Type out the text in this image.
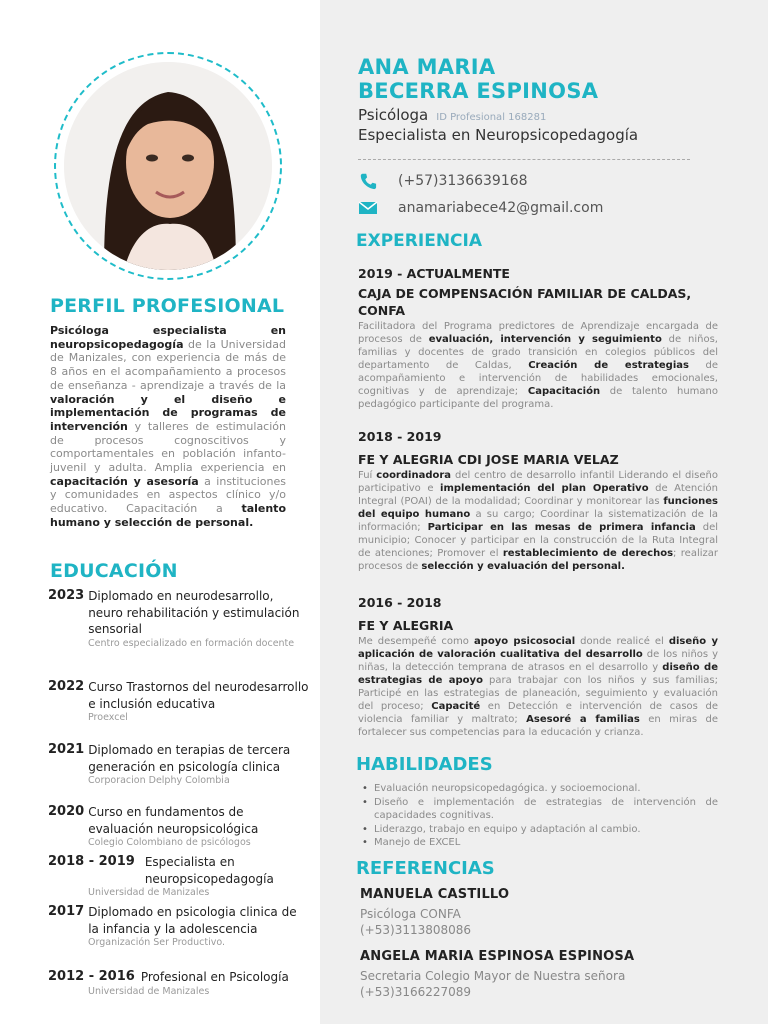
PERFIL PROFESIONAL
Psicóloga especialista en neuropsicopedagogía de la Universidad de Manizales, con experiencia de más de 8 años en el acompañamiento a procesos de enseñanza - aprendizaje a través de la valoración y el diseño e implementación de programas de intervención y talleres de estimulación de procesos cognoscitivos y comportamentales en población infanto-juvenil y adulta. Amplia experiencia en capacitación y asesoría a instituciones y comunidades en aspectos clínico y/o educativo. Capacitación a talento humano y selección de personal.
EDUCACIÓN
2023 Diplomado en neurodesarrollo, neuro rehabilitación y estimulación sensorial
Centro especializado en formación docente
2022 Curso Trastornos del neurodesarrollo e inclusión educativa
Proexcel
2021 Diplomado en terapias de tercera generación en psicología clinica
Corporacion Delphy Colombia
2020 Curso en fundamentos de evaluación neuropsicológica
Colegio Colombiano de psicólogos
2018 - 2019 Especialista en neuropsicopedagogía
Universidad de Manizales
2017 Diplomado en psicologia clinica de la infancia y la adolescencia
Organización Ser Productivo.
2012 - 2016 Profesional en Psicología
Universidad de Manizales
ANA MARIA
BECERRA ESPINOSA
Psicóloga ID Profesional 168281
Especialista en Neuropsicopedagogía
(+57)3136639168
anamariabece42@gmail.com
EXPERIENCIA
2019 - ACTUALMENTE
CAJA DE COMPENSACIÓN FAMILIAR DE CALDAS, CONFA
Facilitadora del Programa predictores de Aprendizaje encargada de procesos de evaluación, intervención y seguimiento de niños, familias y docentes de grado transición en colegios públicos del departamento de Caldas, Creación de estrategias de acompañamiento e intervención de habilidades emocionales, cognitivas y de aprendizaje; Capacitación de talento humano pedagógico participante del programa.
2018 - 2019
FE Y ALEGRIA CDI JOSE MARIA VELAZ
Fuí coordinadora del centro de desarrollo infantil Liderando el diseño participativo e implementación del plan Operativo de Atención Integral (POAI) de la modalidad; Coordinar y monitorear las funciones del equipo humano a su cargo; Coordinar la sistematización de la información; Participar en las mesas de primera infancia del municipio; Conocer y participar en la construcción de la Ruta Integral de atenciones; Promover el restablecimiento de derechos; realizar procesos de selección y evaluación del personal.
2016 - 2018
FE Y ALEGRIA
Me desempeñé como apoyo psicosocial donde realicé el diseño y aplicación de valoración cualitativa del desarrollo de los niños y niñas, la detección temprana de atrasos en el desarrollo y diseño de estrategias de apoyo para trabajar con los niños y sus familias; Participé en las estrategias de planeación, seguimiento y evaluación del proceso; Capacité en Detección e intervención de casos de violencia familiar y maltrato; Asesoré a familias en miras de fortalecer sus competencias para la educación y crianza.
HABILIDADES
• Evaluación neuropsicopedagógica. y socioemocional.
• Diseño e implementación de estrategias de intervención de capacidades cognitivas.
• Liderazgo, trabajo en equipo y adaptación al cambio.
• Manejo de EXCEL
REFERENCIAS
MANUELA CASTILLO
Psicóloga CONFA
(+53)3113808086
ANGELA MARIA ESPINOSA ESPINOSA
Secretaria Colegio Mayor de Nuestra señora
(+53)3166227089
